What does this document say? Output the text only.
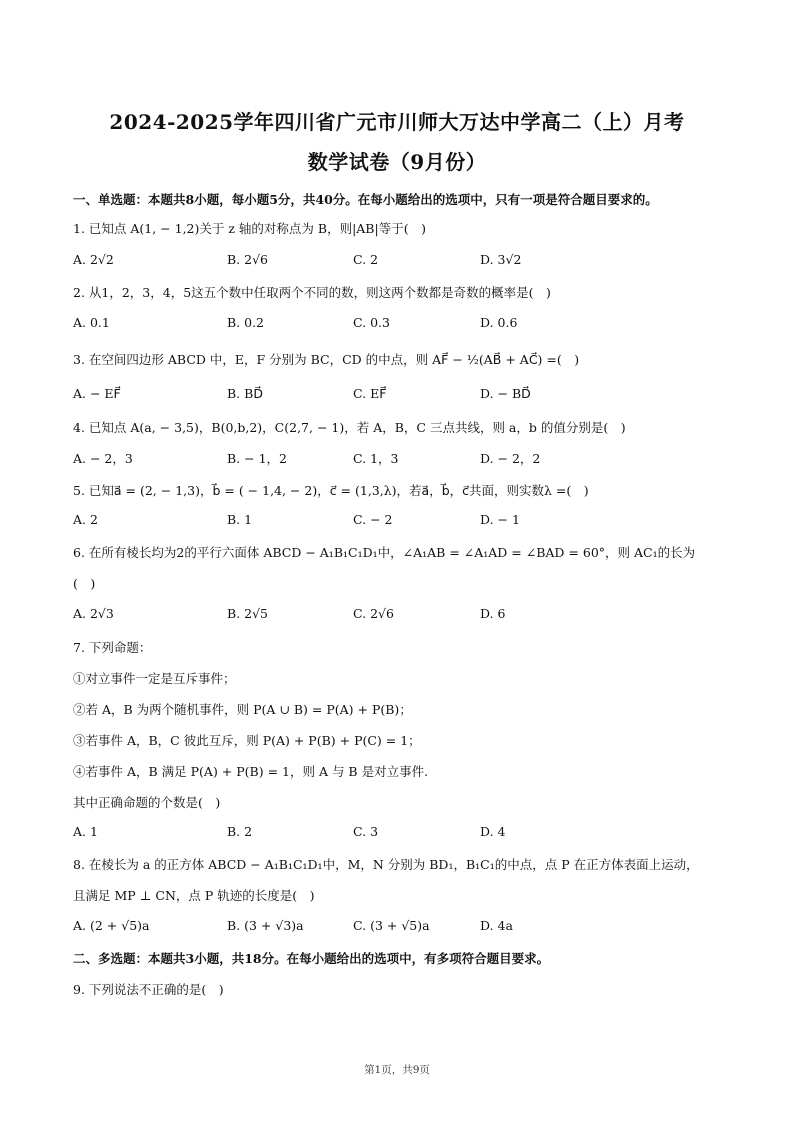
2024-2025学年四川省广元市川师大万达中学高二（上）月考
数学试卷（9月份）
一、单选题：本题共8小题，每小题5分，共40分。在每小题给出的选项中，只有一项是符合题目要求的。
1. 已知点 A(1, − 1,2)关于 z 轴的对称点为 B，则|AB|等于(　)
A. 2√2	B. 2√6	C. 2	D. 3√2
2. 从1，2，3，4，5这五个数中任取两个不同的数，则这两个数都是奇数的概率是(　)
A. 0.1	B. 0.2	C. 0.3	D. 0.6
3. 在空间四边形 ABCD 中，E，F 分别为 BC，CD 的中点，则 AF⃗ − ½(AB⃗ + AC⃗) =(　)
A. − EF⃗	B. BD⃗	C. EF⃗	D. − BD⃗
4. 已知点 A(a, − 3,5)，B(0,b,2)，C(2,7, − 1)，若 A，B，C 三点共线，则 a，b 的值分别是(　)
A. − 2，3	B. − 1，2	C. 1，3	D. − 2，2
5. 已知a⃗ = (2, − 1,3)，b⃗ = ( − 1,4, − 2)，c⃗ = (1,3,λ)，若a⃗，b⃗，c⃗共面，则实数λ =(　)
A. 2	B. 1	C. − 2	D. − 1
6. 在所有棱长均为2的平行六面体 ABCD − A₁B₁C₁D₁中，∠A₁AB = ∠A₁AD = ∠BAD = 60°，则 AC₁的长为
(　)
A. 2√3	B. 2√5	C. 2√6	D. 6
7. 下列命题：
①对立事件一定是互斥事件；
②若 A，B 为两个随机事件，则 P(A ∪ B) = P(A) + P(B)；
③若事件 A，B，C 彼此互斥，则 P(A) + P(B) + P(C) = 1；
④若事件 A，B 满足 P(A) + P(B) = 1，则 A 与 B 是对立事件.
其中正确命题的个数是(　)
A. 1	B. 2	C. 3	D. 4
8. 在棱长为 a 的正方体 ABCD − A₁B₁C₁D₁中，M，N 分别为 BD₁，B₁C₁的中点，点 P 在正方体表面上运动，
且满足 MP ⊥ CN，点 P 轨迹的长度是(　)
A. (2 + √5)a	B. (3 + √3)a	C. (3 + √5)a	D. 4a
二、多选题：本题共3小题，共18分。在每小题给出的选项中，有多项符合题目要求。
9. 下列说法不正确的是(　)
第1页，共9页
